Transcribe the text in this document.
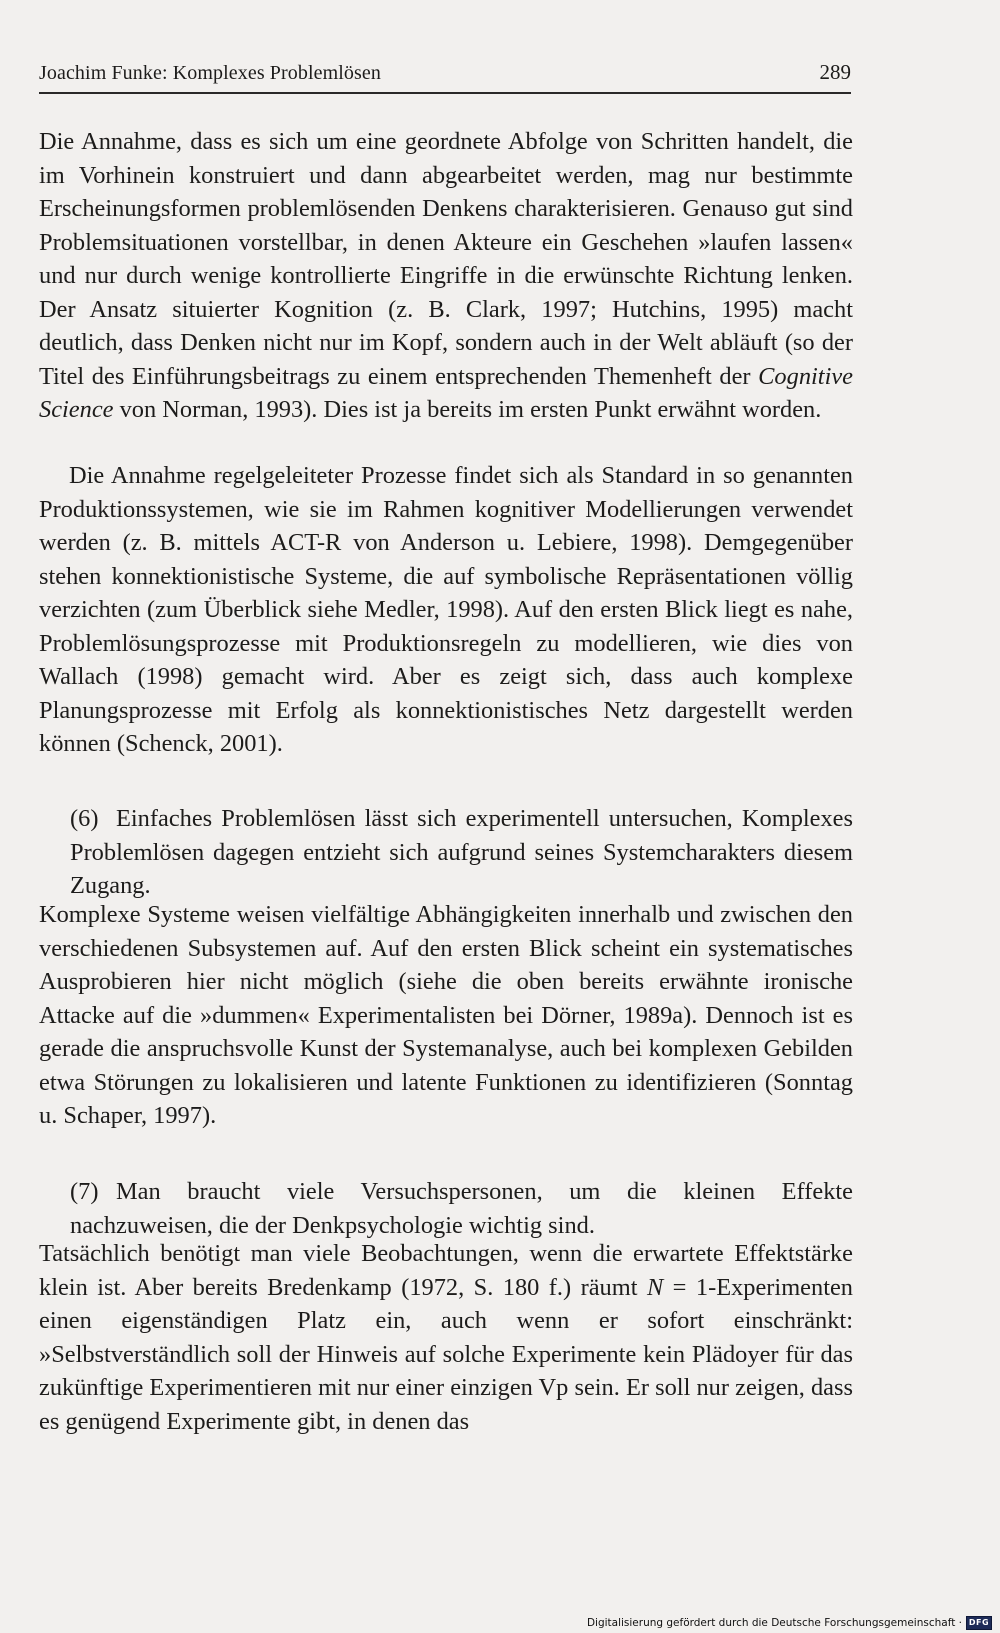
Joachim Funke: Komplexes Problemlösen	289

Die Annahme, dass es sich um eine geordnete Abfolge von Schritten handelt, die im Vorhinein konstruiert und dann abgearbeitet werden, mag nur bestimmte Erscheinungsformen problemlösenden Denkens charakterisieren. Genauso gut sind Problemsituationen vorstellbar, in denen Akteure ein Geschehen »laufen lassen« und nur durch wenige kontrollierte Eingriffe in die erwünschte Richtung lenken. Der Ansatz situierter Kognition (z. B. Clark, 1997; Hutchins, 1995) macht deutlich, dass Denken nicht nur im Kopf, sondern auch in der Welt abläuft (so der Titel des Einführungsbeitrags zu einem entsprechenden Themenheft der Cognitive Science von Norman, 1993). Dies ist ja bereits im ersten Punkt erwähnt worden.

Die Annahme regelgeleiteter Prozesse findet sich als Standard in so genannten Produktionssystemen, wie sie im Rahmen kognitiver Modellierungen verwendet werden (z. B. mittels ACT-R von Anderson u. Lebiere, 1998). Demgegenüber stehen konnektionistische Systeme, die auf symbolische Repräsentationen völlig verzichten (zum Überblick siehe Medler, 1998). Auf den ersten Blick liegt es nahe, Problemlösungsprozesse mit Produktionsregeln zu modellieren, wie dies von Wallach (1998) gemacht wird. Aber es zeigt sich, dass auch komplexe Planungsprozesse mit Erfolg als konnektionistisches Netz dargestellt werden können (Schenck, 2001).

(6) Einfaches Problemlösen lässt sich experimentell untersuchen, Komplexes Problemlösen dagegen entzieht sich aufgrund seines Systemcharakters diesem Zugang.

Komplexe Systeme weisen vielfältige Abhängigkeiten innerhalb und zwischen den verschiedenen Subsystemen auf. Auf den ersten Blick scheint ein systematisches Ausprobieren hier nicht möglich (siehe die oben bereits erwähnte ironische Attacke auf die »dummen« Experimentalisten bei Dörner, 1989a). Dennoch ist es gerade die anspruchsvolle Kunst der Systemanalyse, auch bei komplexen Gebilden etwa Störungen zu lokalisieren und latente Funktionen zu identifizieren (Sonntag u. Schaper, 1997).

(7) Man braucht viele Versuchspersonen, um die kleinen Effekte nachzuweisen, die der Denkpsychologie wichtig sind.

Tatsächlich benötigt man viele Beobachtungen, wenn die erwartete Effektstärke klein ist. Aber bereits Bredenkamp (1972, S. 180 f.) räumt N = 1-Experimenten einen eigenständigen Platz ein, auch wenn er sofort einschränkt: »Selbstverständlich soll der Hinweis auf solche Experimente kein Plädoyer für das zukünftige Experimentieren mit nur einer einzigen Vp sein. Er soll nur zeigen, dass es genügend Experimente gibt, in denen das

Digitalisierung gefördert durch die Deutsche Forschungsgemeinschaft · DFG
